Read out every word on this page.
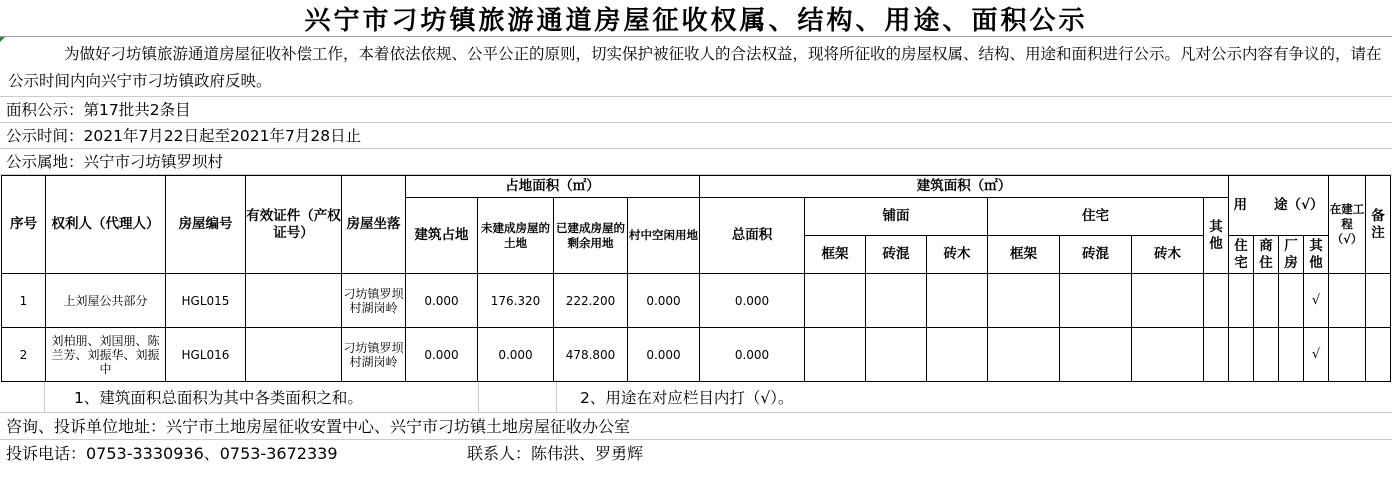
兴宁市刁坊镇旅游通道房屋征收权属、结构、用途、面积公示
为做好刁坊镇旅游通道房屋征收补偿工作，本着依法依规、公平公正的原则，切实保护被征收人的合法权益，现将所征收的房屋权属、结构、用途和面积进行公示。凡对公示内容有争议的，请在公示时间内向兴宁市刁坊镇政府反映。
面积公示：第17批共2条目
公示时间：2021年7月22日起至2021年7月28日止
公示属地：兴宁市刁坊镇罗坝村
序号	权利人（代理人）	房屋编号	有效证件（产权证号）	房屋坐落	占地面积（㎡）				建筑面积（㎡）								用　　途（√）				在建工程（√）	备注
					建筑占地	未建成房屋的土地	已建成房屋的剩余用地	村中空闲用地	总面积	铺面			住宅			其他						
										框架	砖混	砖木	框架	砖混	砖木		住宅	商住	厂房	其他		
1	上刘屋公共部分	HGL015		刁坊镇罗坝村湖岗岭	0.000	176.320	222.200	0.000	0.000											√		
2	刘柏朋、刘国朋、陈兰芳、刘振华、刘振中	HGL016		刁坊镇罗坝村湖岗岭	0.000	0.000	478.800	0.000	0.000											√		
1、建筑面积总面积为其中各类面积之和。	2、用途在对应栏目内打（√）。
咨询、投诉单位地址：兴宁市土地房屋征收安置中心、兴宁市刁坊镇土地房屋征收办公室
投诉电话：0753-3330936、0753-3672339	联系人：陈伟洪、罗勇辉
